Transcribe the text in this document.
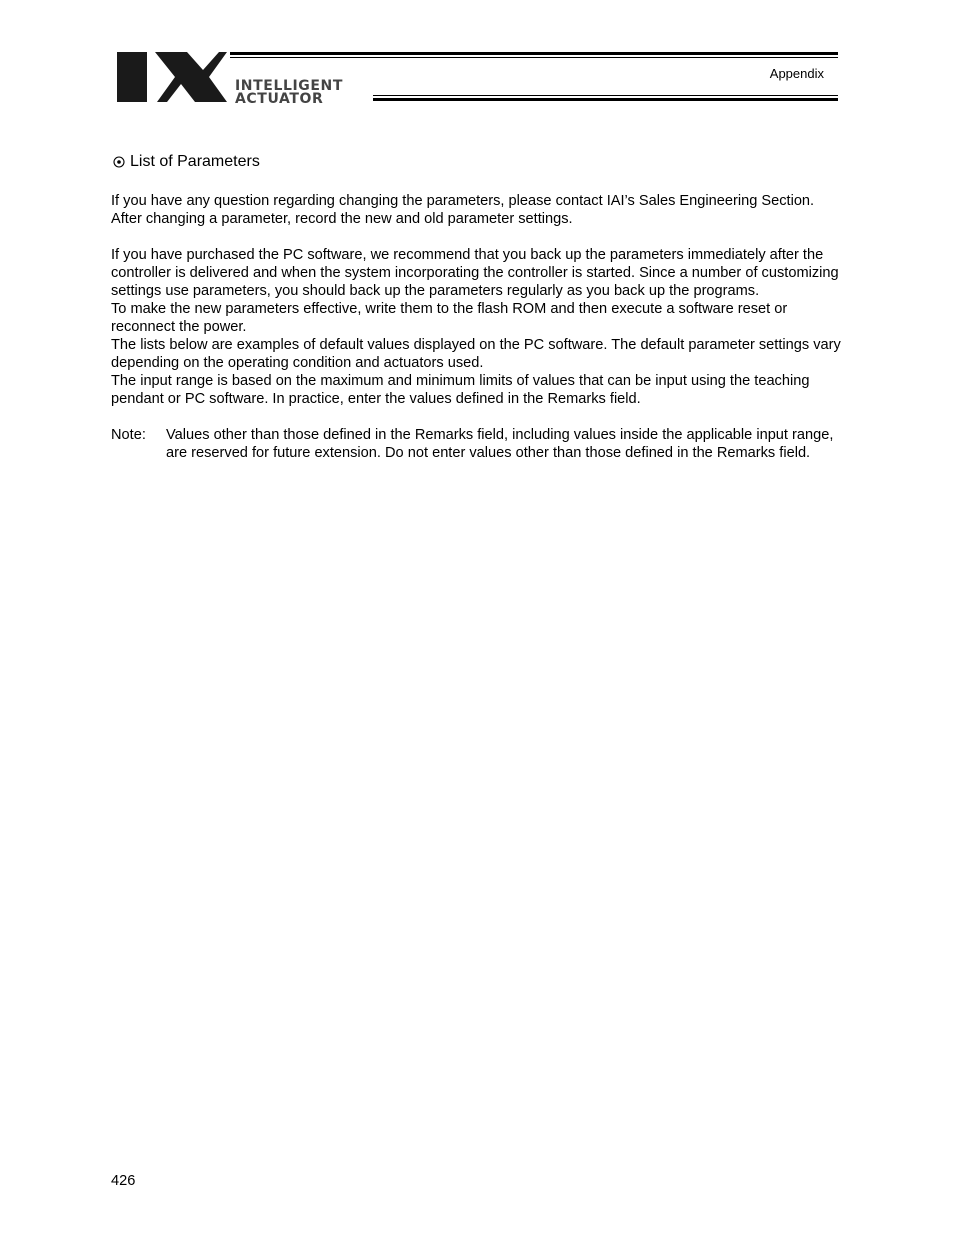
INTELLIGENT
ACTUATOR
Appendix
List of Parameters

If you have any question regarding changing the parameters, please contact IAI’s Sales Engineering Section. After changing a parameter, record the new and old parameter settings.

If you have purchased the PC software, we recommend that you back up the parameters immediately after the controller is delivered and when the system incorporating the controller is started. Since a number of customizing settings use parameters, you should back up the parameters regularly as you back up the programs.

To make the new parameters effective, write them to the flash ROM and then execute a software reset or reconnect the power.

The lists below are examples of default values displayed on the PC software. The default parameter settings vary depending on the operating condition and actuators used.

The input range is based on the maximum and minimum limits of values that can be input using the teaching pendant or PC software. In practice, enter the values defined in the Remarks field.

Note:	Values other than those defined in the Remarks field, including values inside the applicable input range, are reserved for future extension. Do not enter values other than those defined in the Remarks field.
426
